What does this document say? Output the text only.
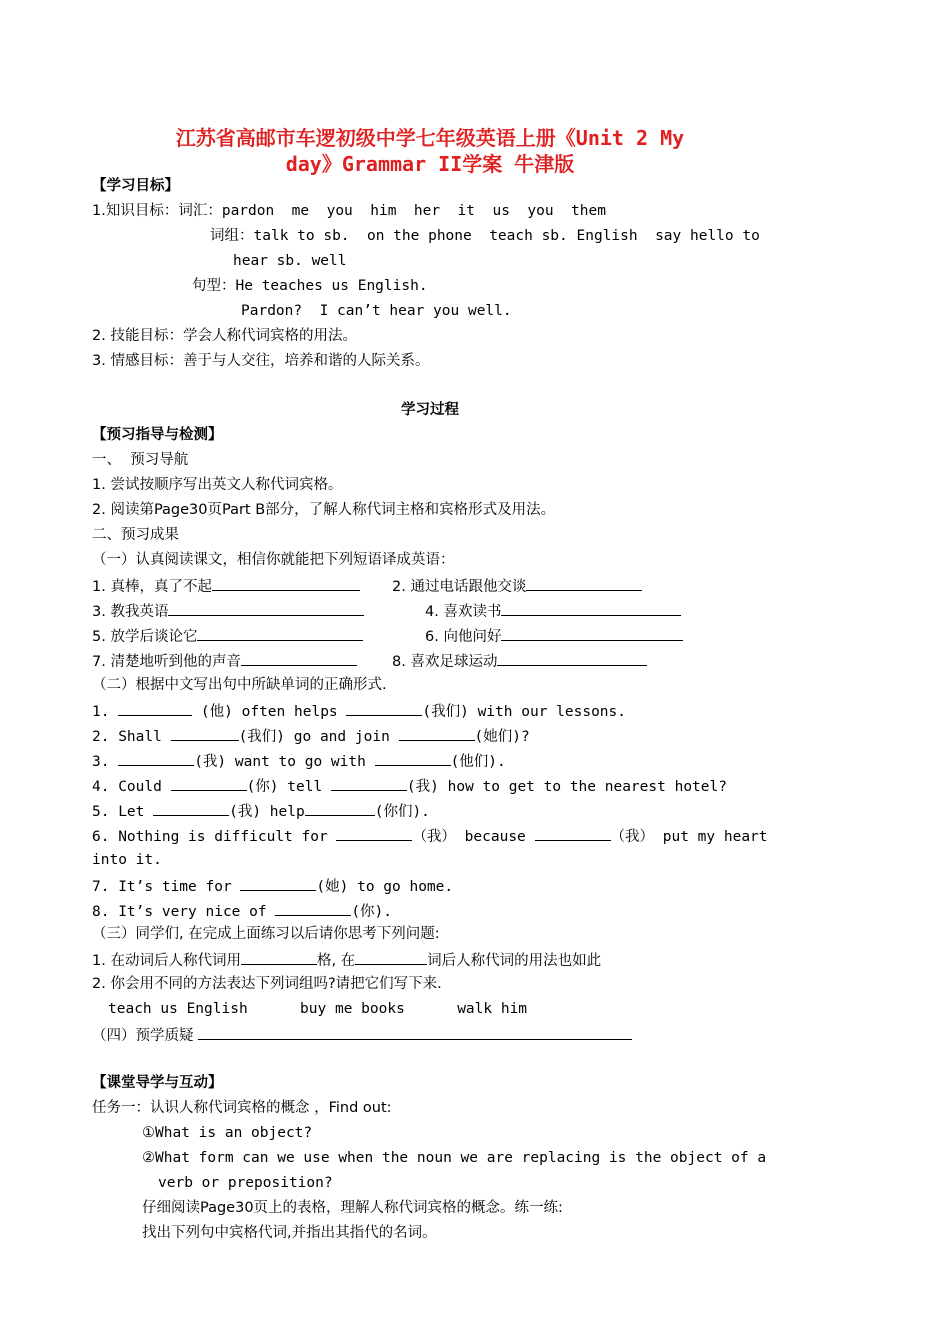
江苏省高邮市车逻初级中学七年级英语上册《Unit 2 My
day》Grammar II学案 牛津版
【学习目标】
1.知识目标：词汇：pardon  me  you  him  her  it  us  you  them
词组：talk to sb.  on the phone  teach sb. English  say hello to
hear sb. well
句型：He teaches us English.
Pardon?  I can’t hear you well.
2. 技能目标：学会人称代词宾格的用法。
3. 情感目标：善于与人交往，培养和谐的人际关系。
学习过程
【预习指导与检测】
一、  预习导航
1. 尝试按顺序写出英文人称代词宾格。
2. 阅读第Page30页Part B部分，了解人称代词主格和宾格形式及用法。
二、预习成果
（一）认真阅读课文，相信你就能把下列短语译成英语：
1. 真棒，真了不起	2. 通过电话跟他交谈
3. 教我英语	4. 喜欢读书
5. 放学后谈论它	6. 向他问好
7. 清楚地听到他的声音	8. 喜欢足球运动
（二）根据中文写出句中所缺单词的正确形式.
1.	(他) often helps	(我们) with our lessons.
2. Shall	(我们) go and join	(她们)?
3.	(我) want to go with	(他们).
4. Could	(你) tell	(我) how to get to the nearest hotel?
5. Let	(我) help	(你们).
6. Nothing is difficult for	（我） because	（我） put my heart
into it.
7. It’s time for	(她) to go home.
8. It’s very nice of	(你).
（三）同学们, 在完成上面练习以后请你思考下列问题:
1. 在动词后人称代词用	格, 在	词后人称代词的用法也如此
2. 你会用不同的方法表达下列词组吗?请把它们写下来.
teach us English      buy me books      walk him
（四）预学质疑
【课堂导学与互动】
任务一：认识人称代词宾格的概念 ，Find out:
①What is an object?
②What form can we use when the noun we are replacing is the object of a
verb or preposition?
仔细阅读Page30页上的表格，理解人称代词宾格的概念。练一练:
找出下列句中宾格代词,并指出其指代的名词。
